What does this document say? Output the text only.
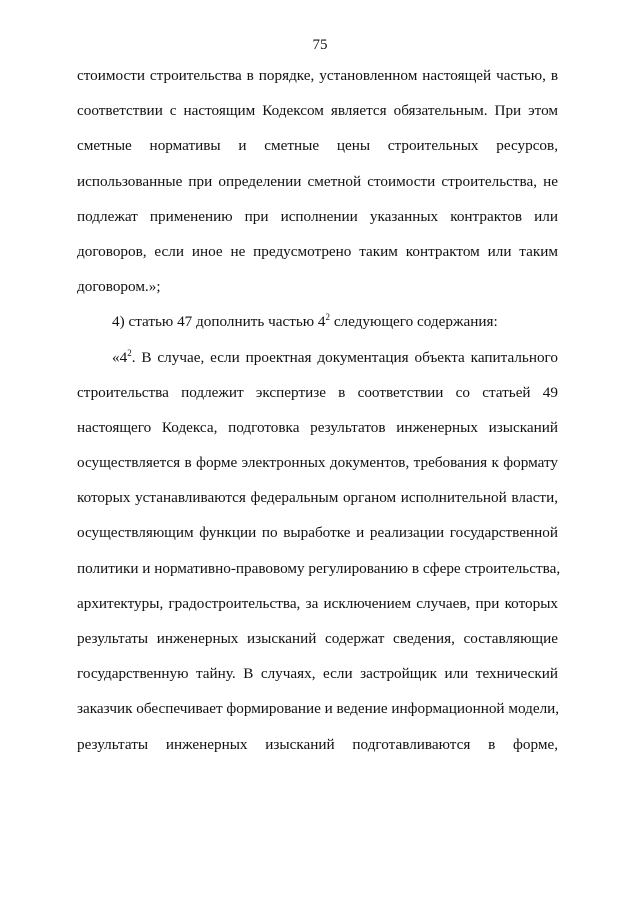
75
стоимости строительства в порядке, установленном настоящей частью, в
соответствии с настоящим Кодексом является обязательным. При этом
сметные нормативы и сметные цены строительных ресурсов,
использованные при определении сметной стоимости строительства, не
подлежат применению при исполнении указанных контрактов или
договоров, если иное не предусмотрено таким контрактом или таким
договором.»;
4) статью 47 дополнить частью $4^2$ следующего содержания:
«$4^2$. В случае, если проектная документация объекта капитального
строительства подлежит экспертизе в соответствии со статьей 49
настоящего Кодекса, подготовка результатов инженерных изысканий
осуществляется в форме электронных документов, требования к формату
которых устанавливаются федеральным органом исполнительной власти,
осуществляющим функции по выработке и реализации государственной
политики и нормативно-правовому регулированию в сфере строительства,
архитектуры, градостроительства, за исключением случаев, при которых
результаты инженерных изысканий содержат сведения, составляющие
государственную тайну. В случаях, если застройщик или технический
заказчик обеспечивает формирование и ведение информационной модели,
результаты инженерных изысканий подготавливаются в форме,
